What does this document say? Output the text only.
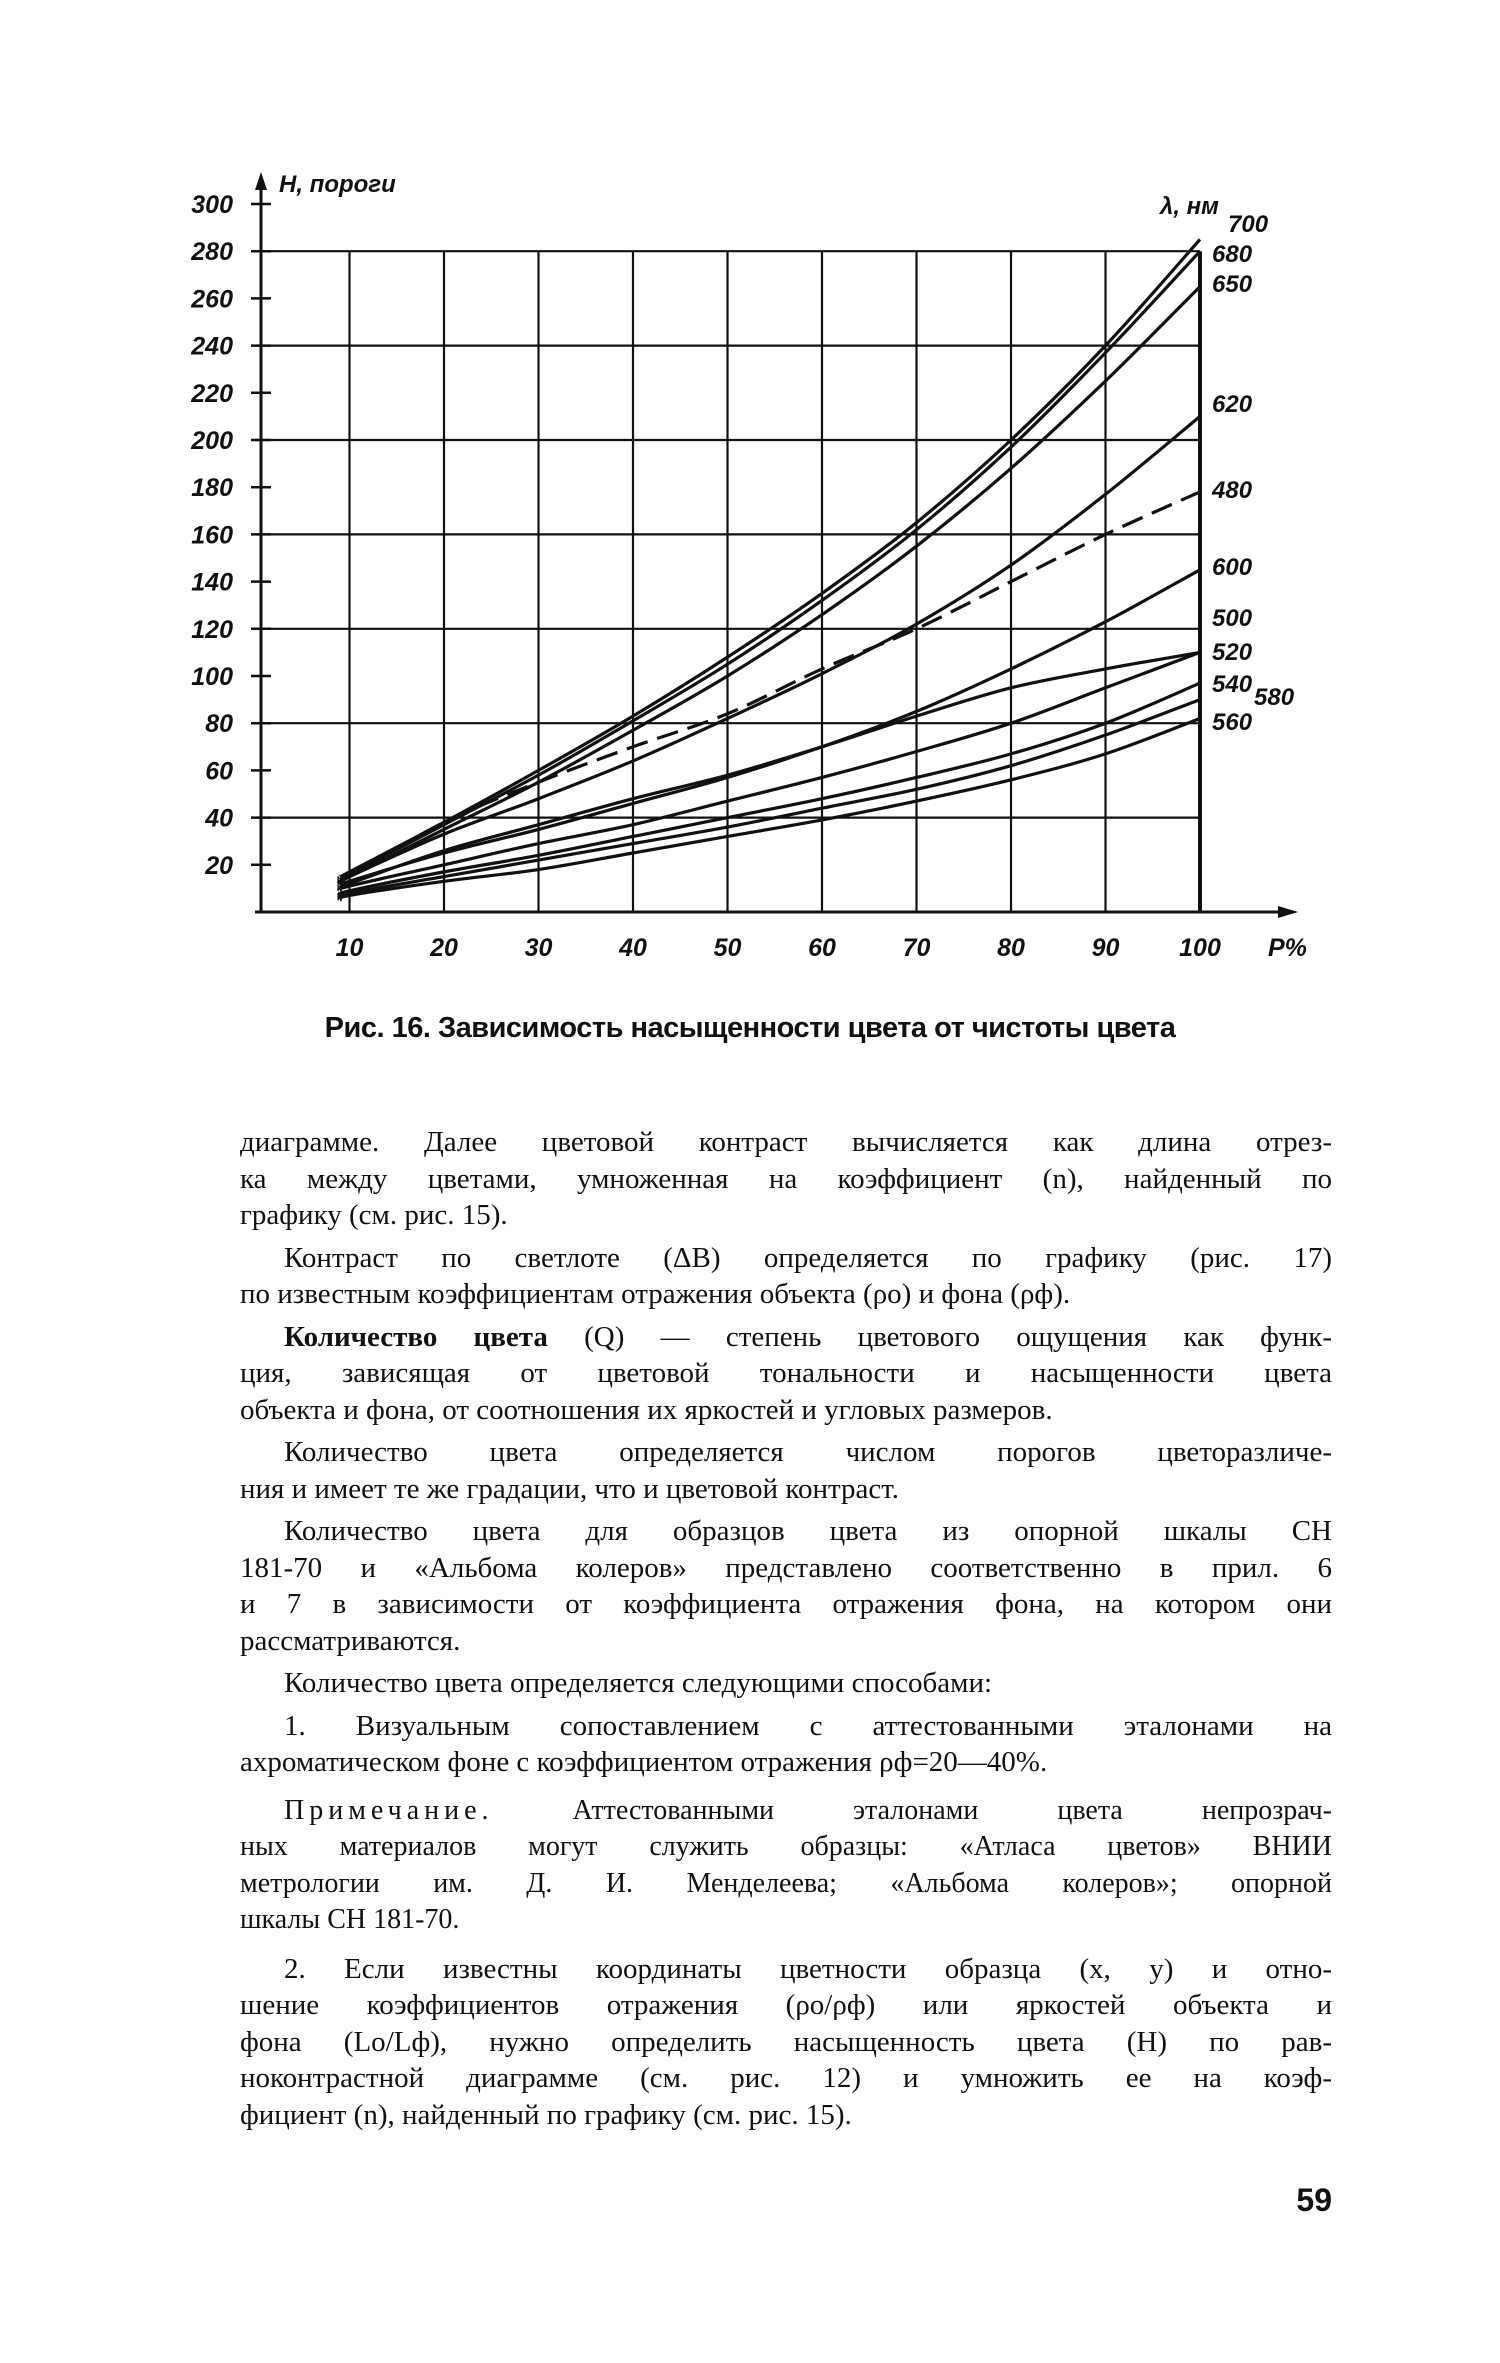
20
40
60
80
100
120
140
160
180
200
220
240
260
280
300
10	20	30	40	50	60	70	80	90 100
H, пороги
P%
λ, нм
700
680
650
620
480
600
500
520
540 580
560
Рис. 16. Зависимость насыщенности цвета от чистоты цвета
диаграмме. Далее цветовой контраст вычисляется как длина отрез-
ка между цветами, умноженная на коэффициент (n), найденный по
графику (см. рис. 15).
Контраст по светлоте (ΔB) определяется по графику (рис. 17)
по известным коэффициентам отражения объекта (ρо) и фона (ρф).
Количество цвета (Q) — степень цветового ощущения как функ-
ция, зависящая от цветовой тональности и насыщенности цвета
объекта и фона, от соотношения их яркостей и угловых размеров.
Количество цвета определяется числом порогов цветоразличе-
ния и имеет те же градации, что и цветовой контраст.
Количество цвета для образцов цвета из опорной шкалы СН
181-70 и «Альбома колеров» представлено соответственно в прил. 6
и 7 в зависимости от коэффициента отражения фона, на котором они
рассматриваются.
Количество цвета определяется следующими способами:
1. Визуальным сопоставлением с аттестованными эталонами на
ахроматическом фоне с коэффициентом отражения ρф=20—40%.
Примечание. Аттестованными эталонами цвета непрозрач-
ных материалов могут служить образцы: «Атласа цветов» ВНИИ
метрологии им. Д. И. Менделеева; «Альбома колеров»; опорной
шкалы СН 181-70.
2. Если известны координаты цветности образца (x, y) и отно-
шение коэффициентов отражения (ρо/ρф) или яркостей объекта и
фона (Lо/Lф), нужно определить насыщенность цвета (H) по рав-
ноконтрастной диаграмме (см. рис. 12) и умножить ее на коэф-
фициент (n), найденный по графику (см. рис. 15).
59
